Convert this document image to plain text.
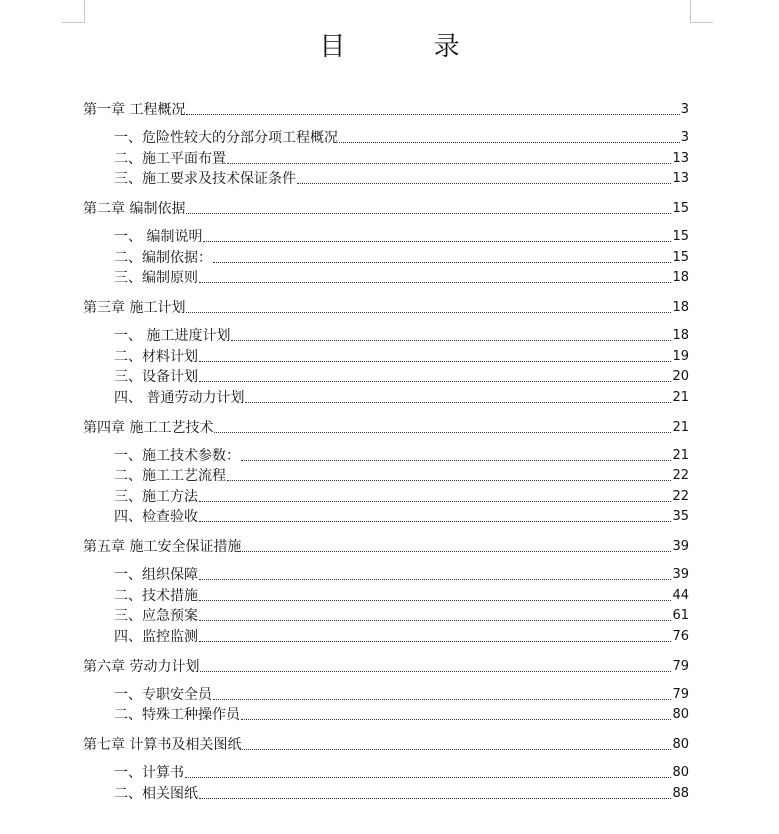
目 录
第一章 工程概况	3
一、危险性较大的分部分项工程概况	3
二、施工平面布置	13
三、施工要求及技术保证条件	13
第二章 编制依据	15
一、 编制说明	15
二、编制依据：	15
三、编制原则	18
第三章 施工计划	18
一、 施工进度计划	18
二、材料计划	19
三、设备计划	20
四、 普通劳动力计划	21
第四章 施工工艺技术	21
一、施工技术参数：	21
二、施工工艺流程	22
三、施工方法	22
四、检查验收	35
第五章 施工安全保证措施	39
一、组织保障	39
二、技术措施	44
三、应急预案	61
四、监控监测	76
第六章 劳动力计划	79
一、专职安全员	79
二、特殊工种操作员	80
第七章 计算书及相关图纸	80
一、计算书	80
二、相关图纸	88
